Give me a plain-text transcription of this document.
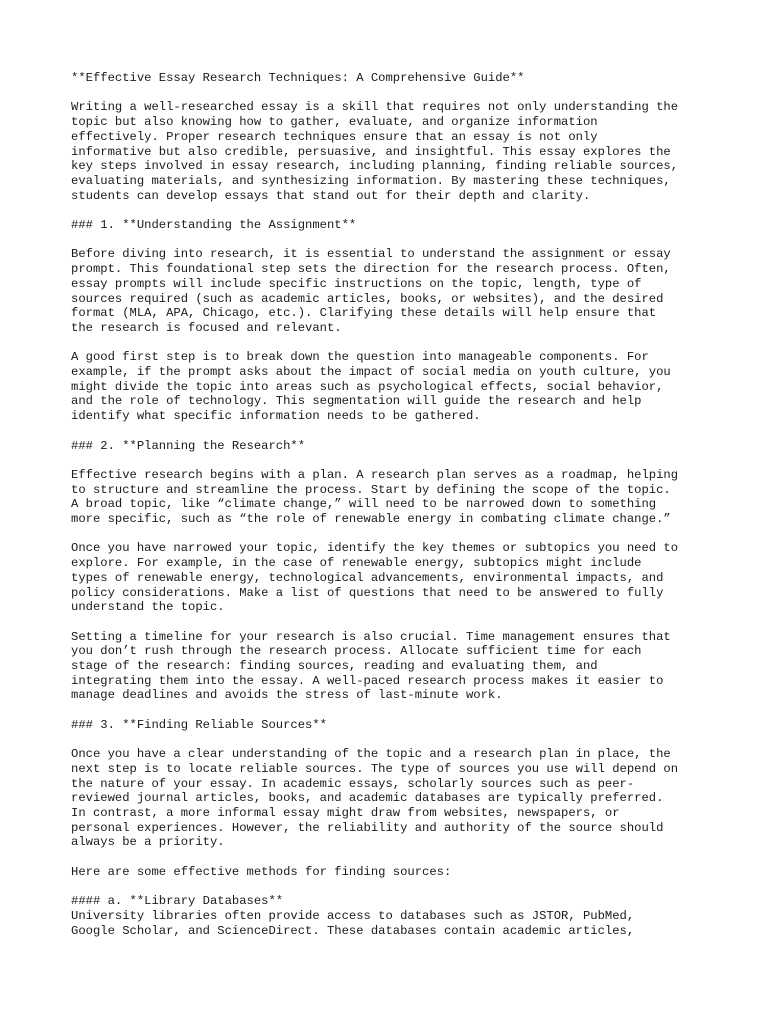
**Effective Essay Research Techniques: A Comprehensive Guide**
Writing a well-researched essay is a skill that requires not only understanding the
topic but also knowing how to gather, evaluate, and organize information
effectively. Proper research techniques ensure that an essay is not only
informative but also credible, persuasive, and insightful. This essay explores the
key steps involved in essay research, including planning, finding reliable sources,
evaluating materials, and synthesizing information. By mastering these techniques,
students can develop essays that stand out for their depth and clarity.
### 1. **Understanding the Assignment**
Before diving into research, it is essential to understand the assignment or essay
prompt. This foundational step sets the direction for the research process. Often,
essay prompts will include specific instructions on the topic, length, type of
sources required (such as academic articles, books, or websites), and the desired
format (MLA, APA, Chicago, etc.). Clarifying these details will help ensure that
the research is focused and relevant.
A good first step is to break down the question into manageable components. For
example, if the prompt asks about the impact of social media on youth culture, you
might divide the topic into areas such as psychological effects, social behavior,
and the role of technology. This segmentation will guide the research and help
identify what specific information needs to be gathered.
### 2. **Planning the Research**
Effective research begins with a plan. A research plan serves as a roadmap, helping
to structure and streamline the process. Start by defining the scope of the topic.
A broad topic, like “climate change,” will need to be narrowed down to something
more specific, such as “the role of renewable energy in combating climate change.”
Once you have narrowed your topic, identify the key themes or subtopics you need to
explore. For example, in the case of renewable energy, subtopics might include
types of renewable energy, technological advancements, environmental impacts, and
policy considerations. Make a list of questions that need to be answered to fully
understand the topic.
Setting a timeline for your research is also crucial. Time management ensures that
you don’t rush through the research process. Allocate sufficient time for each
stage of the research: finding sources, reading and evaluating them, and
integrating them into the essay. A well-paced research process makes it easier to
manage deadlines and avoids the stress of last-minute work.
### 3. **Finding Reliable Sources**
Once you have a clear understanding of the topic and a research plan in place, the
next step is to locate reliable sources. The type of sources you use will depend on
the nature of your essay. In academic essays, scholarly sources such as peer-
reviewed journal articles, books, and academic databases are typically preferred.
In contrast, a more informal essay might draw from websites, newspapers, or
personal experiences. However, the reliability and authority of the source should
always be a priority.
Here are some effective methods for finding sources:
#### a. **Library Databases**
University libraries often provide access to databases such as JSTOR, PubMed,
Google Scholar, and ScienceDirect. These databases contain academic articles,
